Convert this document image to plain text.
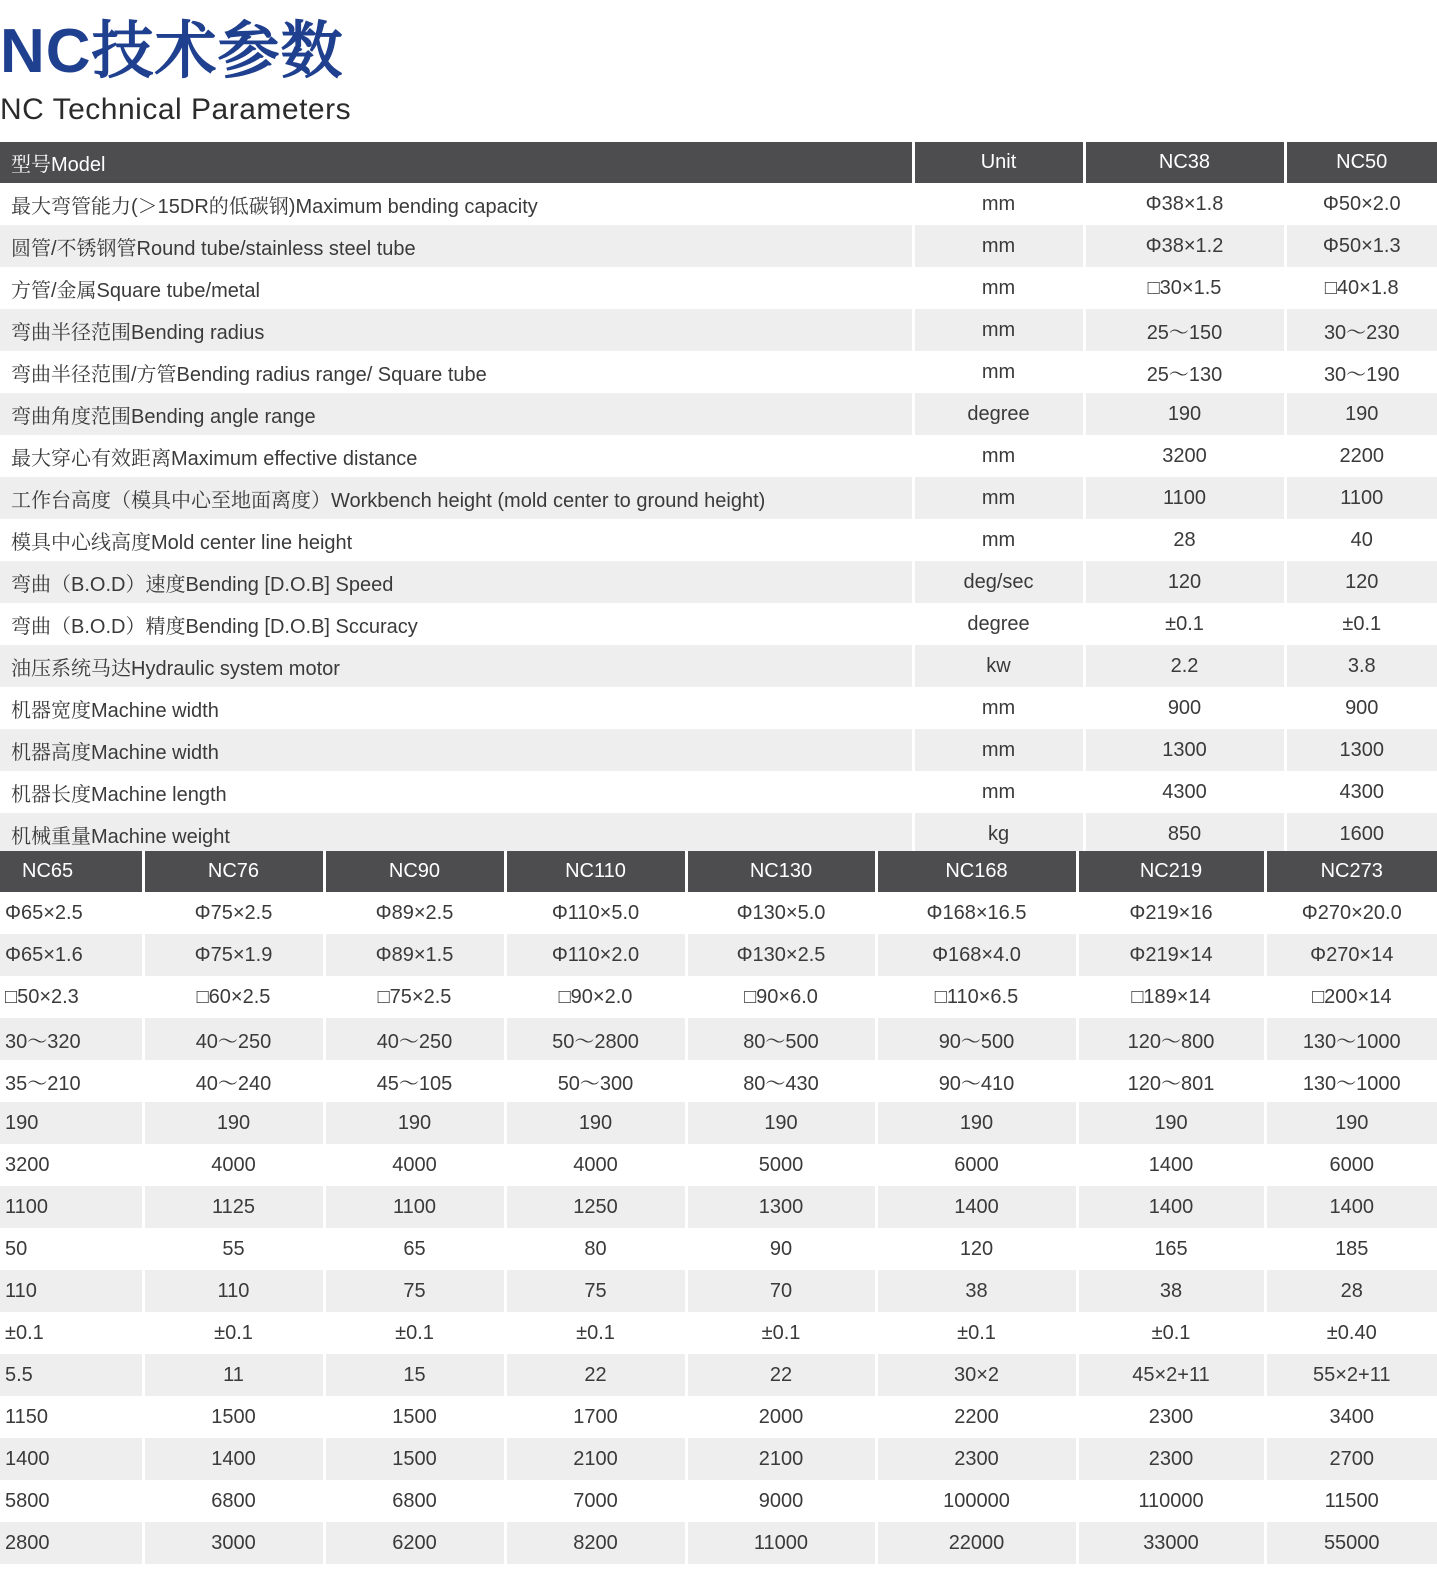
NC技术参数
NC Technical Parameters
型号Model	Unit	NC38	NC50
最大弯管能力(＞15DR的低碳钢)Maximum bending capacity	mm	Φ38×1.8	Φ50×2.0
圆管/不锈钢管Round tube/stainless steel tube	mm	Φ38×1.2	Φ50×1.3
方管/金属Square tube/metal	mm	□30×1.5	□40×1.8
弯曲半径范围Bending radius	mm	25～150	30～230
弯曲半径范围/方管Bending radius range/ Square tube	mm	25～130	30～190
弯曲角度范围Bending angle range	degree	190	190
最大穿心有效距离Maximum effective distance	mm	3200	2200
工作台高度（模具中心至地面离度）Workbench height (mold center to ground height)	mm	1100	1100
模具中心线高度Mold center line height	mm	28	40
弯曲（B.O.D）速度Bending [D.O.B] Speed	deg/sec	120	120
弯曲（B.O.D）精度Bending [D.O.B] Sccuracy	degree	±0.1	±0.1
油压系统马达Hydraulic system motor	kw	2.2	3.8
机器宽度Machine width	mm	900	900
机器高度Machine width	mm	1300	1300
机器长度Machine length	mm	4300	4300
机械重量Machine weight	kg	850	1600
NC65	NC76	NC90	NC110	NC130	NC168	NC219	NC273
Φ65×2.5	Φ75×2.5	Φ89×2.5	Φ110×5.0	Φ130×5.0	Φ168×16.5	Φ219×16	Φ270×20.0
Φ65×1.6	Φ75×1.9	Φ89×1.5	Φ110×2.0	Φ130×2.5	Φ168×4.0	Φ219×14	Φ270×14
□50×2.3	□60×2.5	□75×2.5	□90×2.0	□90×6.0	□110×6.5	□189×14	□200×14
30～320	40～250	40～250	50～2800	80～500	90～500	120～800	130～1000
35～210	40～240	45～105	50～300	80～430	90～410	120～801	130～1000
190	190	190	190	190	190	190	190
3200	4000	4000	4000	5000	6000	1400	6000
1100	1125	1100	1250	1300	1400	1400	1400
50	55	65	80	90	120	165	185
110	110	75	75	70	38	38	28
±0.1	±0.1	±0.1	±0.1	±0.1	±0.1	±0.1	±0.40
5.5	11	15	22	22	30×2	45×2+11	55×2+11
1150	1500	1500	1700	2000	2200	2300	3400
1400	1400	1500	2100	2100	2300	2300	2700
5800	6800	6800	7000	9000	100000	110000	11500
2800	3000	6200	8200	11000	22000	33000	55000
